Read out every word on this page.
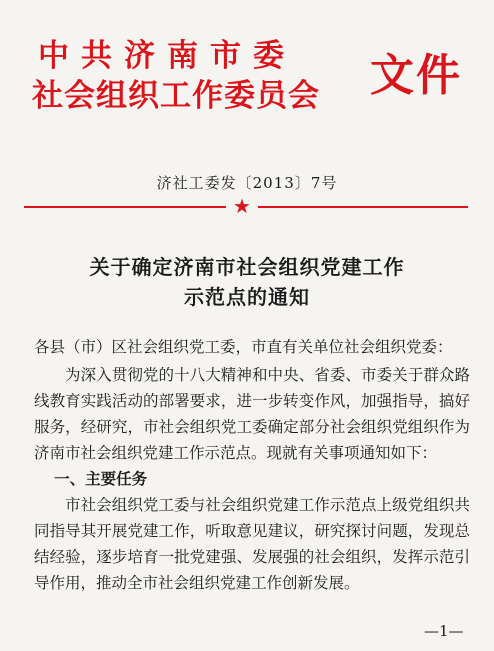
中共济南市委
社会组织工作委员会	文件
济社工委发〔2013〕7号
★
关于确定济南市社会组织党建工作
示范点的通知

各县（市）区社会组织党工委，市直有关单位社会组织党委：

为深入贯彻党的十八大精神和中央、省委、市委关于群众路线教育实践活动的部署要求，进一步转变作风，加强指导，搞好服务，经研究，市社会组织党工委确定部分社会组织党组织作为济南市社会组织党建工作示范点。现就有关事项通知如下：

一、主要任务

市社会组织党工委与社会组织党建工作示范点上级党组织共同指导其开展党建工作，听取意见建议，研究探讨问题，发现总结经验，逐步培育一批党建强、发展强的社会组织，发挥示范引导作用，推动全市社会组织党建工作创新发展。

—1—
